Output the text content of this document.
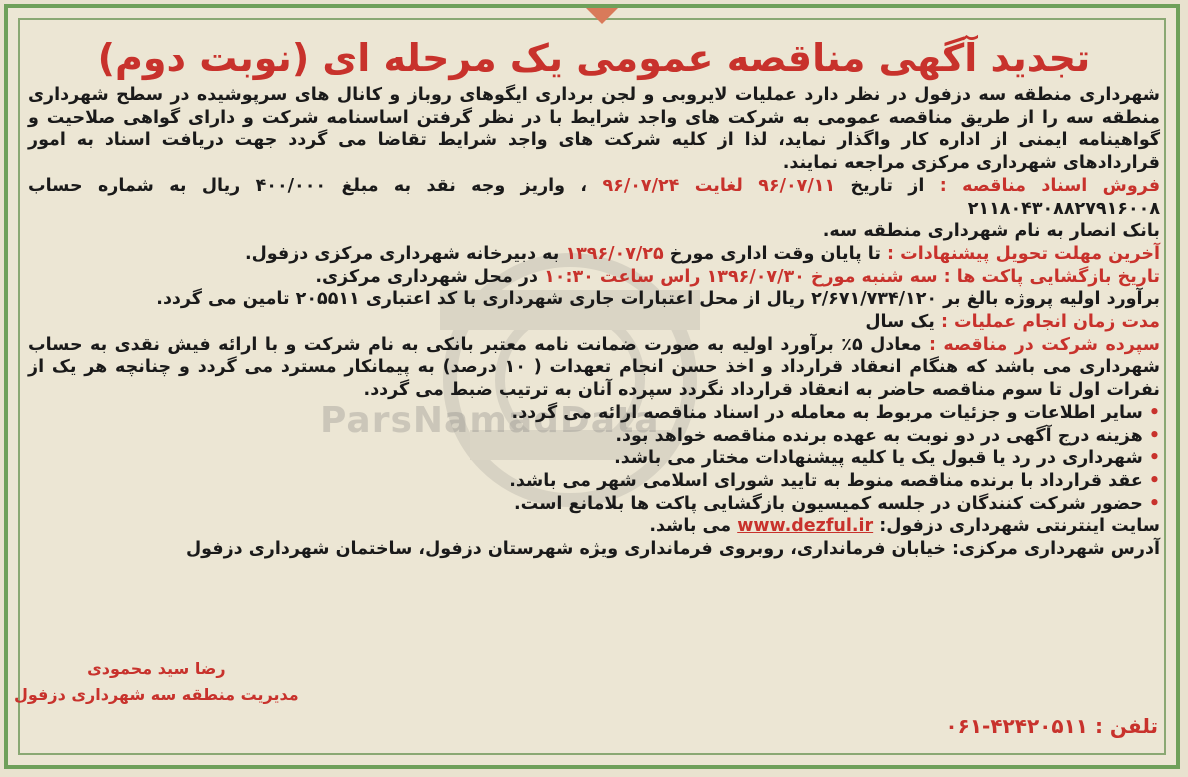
ParsNamadData
تجدید آگهی مناقصه عمومی یک مرحله ای (نوبت دوم)

شهرداری منطقه سه دزفول در نظر دارد عملیات لایروبی و لجن برداری ایگوهای روباز و کانال های سرپوشیده در سطح شهرداری منطقه سه را از طریق مناقصه عمومی به شرکت های واجد شرایط با در نظر گرفتن اساسنامه شرکت و دارای گواهی صلاحیت و گواهینامه ایمنی از اداره کار واگذار نماید، لذا از کلیه شرکت های واجد شرایط تقاضا می گردد جهت دریافت اسناد به امور قراردادهای شهرداری مرکزی مراجعه نمایند.

فروش اسناد مناقصه : از تاریخ ۹۶/۰۷/۱۱ لغایت ۹۶/۰۷/۲۴ ، واریز وجه نقد به مبلغ ۴۰۰/۰۰۰ ریال به شماره حساب ۲۱۱۸۰۴۳۰۸۸۲۷۹۱۶۰۰۸
بانک انصار به نام شهرداری منطقه سه.

آخرین مهلت تحویل پیشنهادات : تا پایان وقت اداری مورخ ۱۳۹۶/۰۷/۲۵ به دبیرخانه شهرداری مرکزی دزفول.

تاریخ بازگشایی پاکت ها : سه شنبه مورخ ۱۳۹۶/۰۷/۳۰ راس ساعت ۱۰:۳۰ در محل شهرداری مرکزی.

برآورد اولیه پروژه بالغ بر ۲/۶۷۱/۷۳۴/۱۲۰ ریال از محل اعتبارات جاری شهرداری با کد اعتباری ۲۰۵۵۱۱ تامین می گردد.

مدت زمان انجام عملیات : یک سال

سپرده شرکت در مناقصه : معادل ۵٪ برآورد اولیه به صورت ضمانت نامه معتبر بانکی به نام شرکت و با ارائه فیش نقدی به حساب شهرداری می باشد که هنگام انعقاد قرارداد و اخذ حسن انجام تعهدات ( ۱۰ درصد) به پیمانکار مسترد می گردد و چنانچه هر یک از نفرات اول تا سوم مناقصه حاضر به انعقاد قرارداد نگردد سپرده آنان به ترتیب ضبط می گردد.

•سایر اطلاعات و جزئیات مربوط به معامله در اسناد مناقصه ارائه می گردد.

•هزینه درج آگهی در دو نوبت به عهده برنده مناقصه خواهد بود.

•شهرداری در رد یا قبول یک یا کلیه پیشنهادات مختار می باشد.

•عقد قرارداد با برنده مناقصه منوط به تایید شورای اسلامی شهر می باشد.

•حضور شرکت کنندگان در جلسه کمیسیون بازگشایی پاکت ها بلامانع است.

سایت اینترنتی شهرداری دزفول: www.dezful.ir می باشد.

آدرس شهرداری مرکزی: خیابان فرمانداری، روبروی فرمانداری ویژه شهرستان دزفول، ساختمان شهرداری دزفول

تلفن : ۰۶۱-۴۲۴۲۰۵۱۱
رضا سید محمودی
مدیریت منطقه سه شهرداری دزفول
